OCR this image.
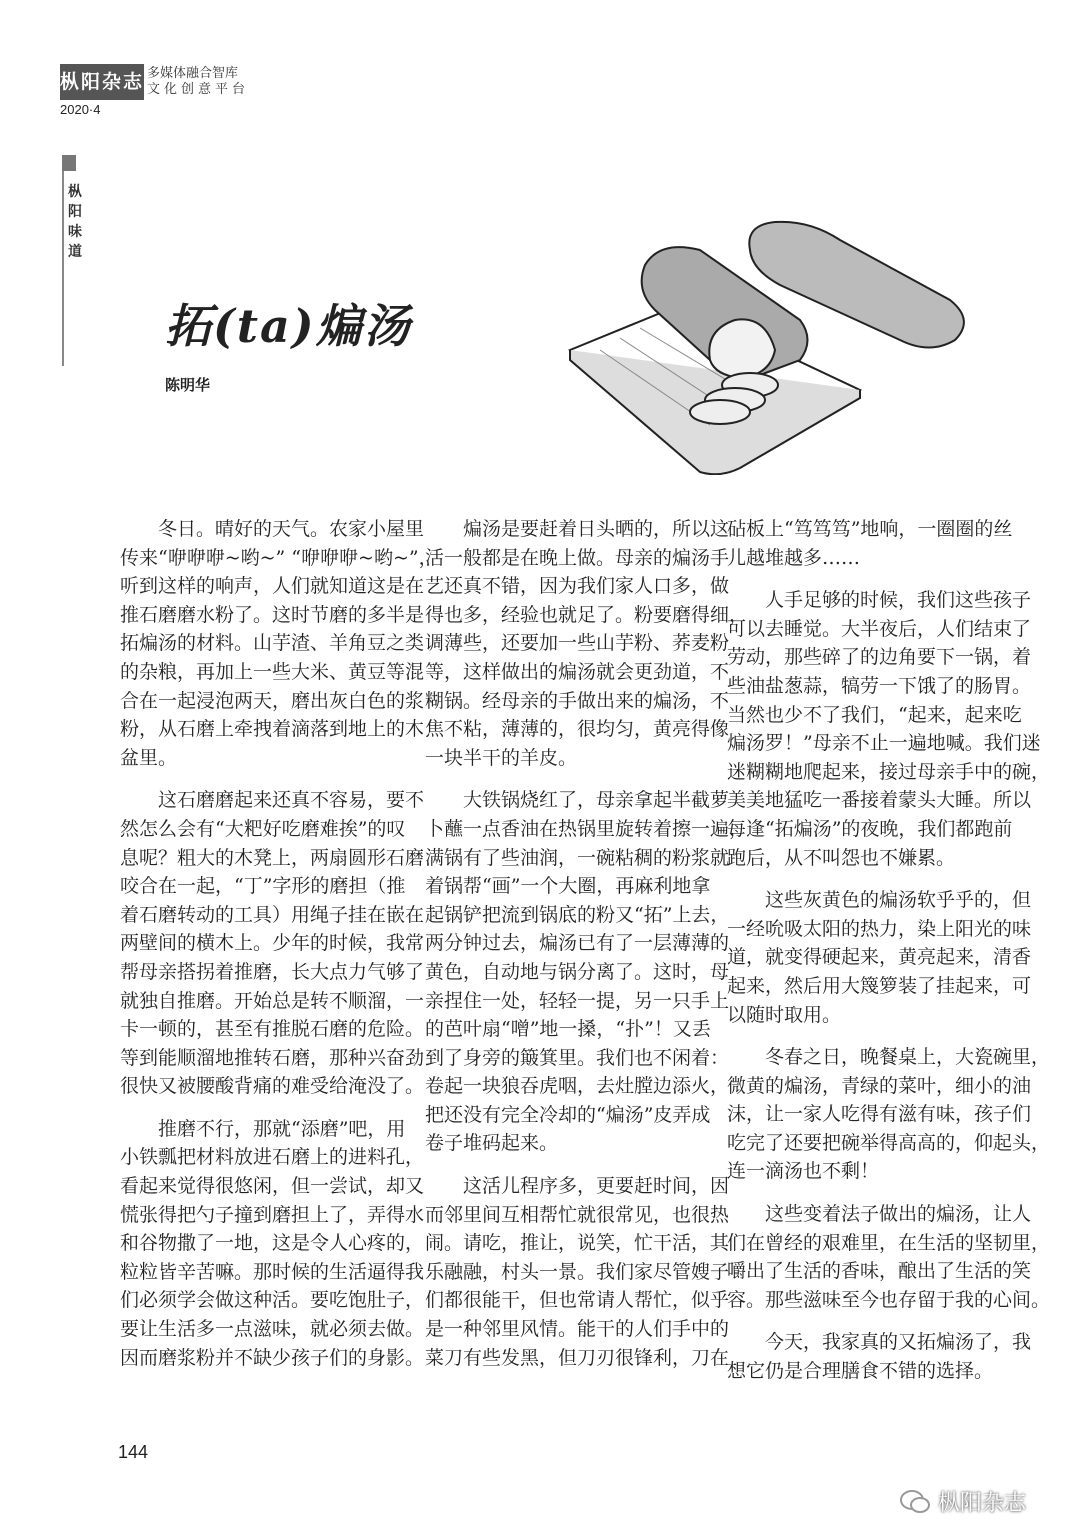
枞阳杂志 多媒体融合智库
文化创意平台
2020·4
枞阳味道
拓(ta)煸汤
陈明华
冬日。晴好的天气。农家小屋里
传来“咿咿咿~哟~” “咿咿咿~哟~”，
听到这样的响声，人们就知道这是在
推石磨磨水粉了。这时节磨的多半是
拓煸汤的材料。山芋渣、羊角豆之类
的杂粮，再加上一些大米、黄豆等混
合在一起浸泡两天，磨出灰白色的浆
粉，从石磨上牵拽着滴落到地上的木
盆里。
这石磨磨起来还真不容易，要不
然怎么会有“大粑好吃磨难挨”的叹
息呢？粗大的木凳上，两扇圆形石磨
咬合在一起，“丁”字形的磨担（推
着石磨转动的工具）用绳子挂在嵌在
两壁间的横木上。少年的时候，我常
帮母亲搭拐着推磨，长大点力气够了
就独自推磨。开始总是转不顺溜，一
卡一顿的，甚至有推脱石磨的危险。
等到能顺溜地推转石磨，那种兴奋劲
很快又被腰酸背痛的难受给淹没了。
推磨不行，那就“添磨”吧，用
小铁瓢把材料放进石磨上的进料孔，
看起来觉得很悠闲，但一尝试，却又
慌张得把勺子撞到磨担上了，弄得水
和谷物撒了一地，这是令人心疼的，
粒粒皆辛苦嘛。那时候的生活逼得我
们必须学会做这种活。要吃饱肚子，
要让生活多一点滋味，就必须去做。
因而磨浆粉并不缺少孩子们的身影。
煸汤是要赶着日头晒的，所以这
活一般都是在晚上做。母亲的煸汤手
艺还真不错，因为我们家人口多，做
得也多，经验也就足了。粉要磨得细，
调薄些，还要加一些山芋粉、荞麦粉
等，这样做出的煸汤就会更劲道，不
糊锅。经母亲的手做出来的煸汤，不
焦不粘，薄薄的，很均匀，黄亮得像
一块半干的羊皮。
大铁锅烧红了，母亲拿起半截萝
卜蘸一点香油在热锅里旋转着擦一遍，
满锅有了些油润，一碗粘稠的粉浆就
着锅帮“画”一个大圈，再麻利地拿
起锅铲把流到锅底的粉又“拓”上去，
两分钟过去，煸汤已有了一层薄薄的
黄色，自动地与锅分离了。这时，母
亲捏住一处，轻轻一提，另一只手上
的芭叶扇“噌”地一搡，“扑”！又丢
到了身旁的簸箕里。我们也不闲着：
卷起一块狼吞虎咽，去灶膛边添火，
把还没有完全冷却的“煸汤”皮弄成
卷子堆码起来。
这活儿程序多，更要赶时间，因
而邻里间互相帮忙就很常见，也很热
闹。请吃，推让，说笑，忙干活，其
乐融融，村头一景。我们家尽管嫂子
们都很能干，但也常请人帮忙，似乎
是一种邻里风情。能干的人们手中的
菜刀有些发黑，但刀刃很锋利，刀在
砧板上“笃笃笃”地响，一圈圈的丝
儿越堆越多……
人手足够的时候，我们这些孩子
可以去睡觉。大半夜后，人们结束了
劳动，那些碎了的边角要下一锅，着
些油盐葱蒜，犒劳一下饿了的肠胃。
当然也少不了我们，“起来，起来吃
煸汤罗！”母亲不止一遍地喊。我们迷
迷糊糊地爬起来，接过母亲手中的碗，
美美地猛吃一番接着蒙头大睡。所以
每逢“拓煸汤”的夜晚，我们都跑前
跑后，从不叫怨也不嫌累。
这些灰黄色的煸汤软乎乎的，但
一经吮吸太阳的热力，染上阳光的味
道，就变得硬起来，黄亮起来，清香
起来，然后用大篾箩装了挂起来，可
以随时取用。
冬春之日，晚餐桌上，大瓷碗里，
微黄的煸汤，青绿的菜叶，细小的油
沫，让一家人吃得有滋有味，孩子们
吃完了还要把碗举得高高的，仰起头，
连一滴汤也不剩！
这些变着法子做出的煸汤，让人
们在曾经的艰难里，在生活的坚韧里，
嚼出了生活的香味，酿出了生活的笑
容。那些滋味至今也存留于我的心间。
今天，我家真的又拓煸汤了，我
想它仍是合理膳食不错的选择。
144
枞阳杂志
